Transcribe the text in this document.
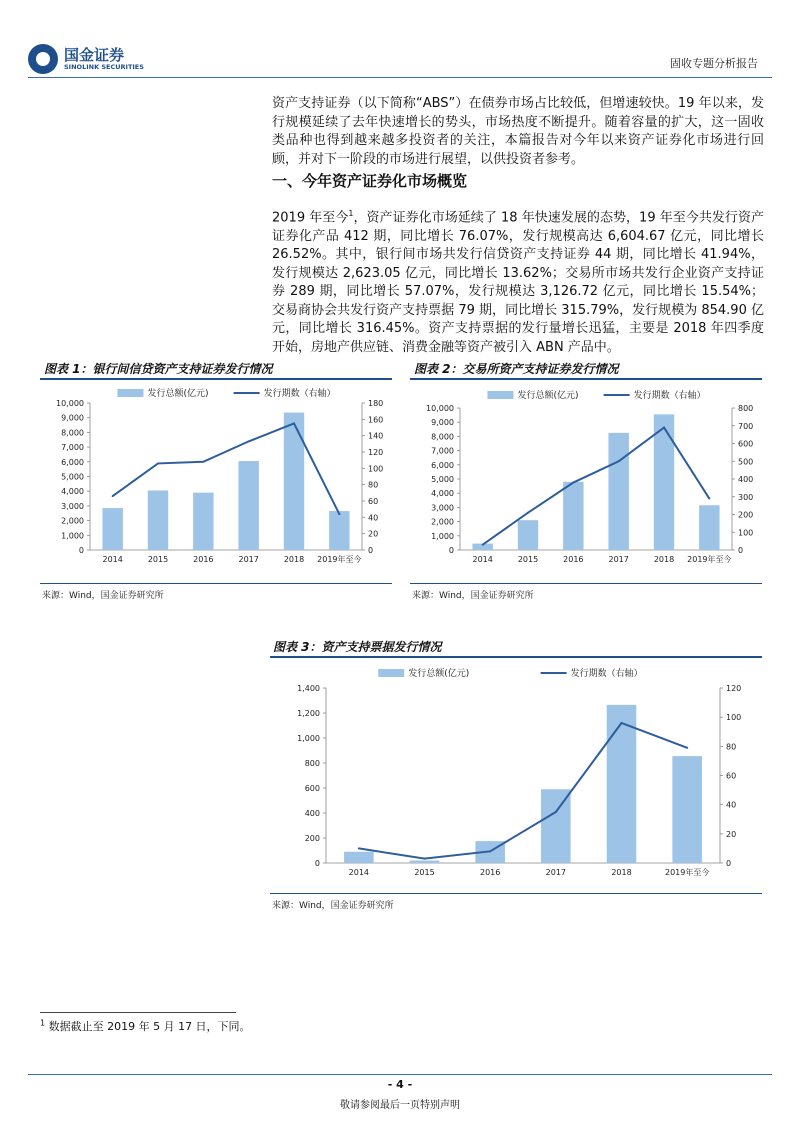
国金证券
SINOLINK SECURITIES	固收专题分析报告
资产支持证券（以下简称“ABS”）在债券市场占比较低，但增速较快。19 年以来，发行规模延续了去年快速增长的势头，市场热度不断提升。随着容量的扩大，这一固收类品种也得到越来越多投资者的关注，本篇报告对今年以来资产证券化市场进行回顾，并对下一阶段的市场进行展望，以供投资者参考。
一、今年资产证券化市场概览
2019 年至今$^1$，资产证券化市场延续了 18 年快速发展的态势，19 年至今共发行资产证券化产品 412 期，同比增长 76.07%，发行规模高达 6,604.67 亿元，同比增长 26.52%。其中，银行间市场共发行信贷资产支持证券 44 期，同比增长 41.94%，发行规模达 2,623.05 亿元，同比增长 13.62%；交易所市场共发行企业资产支持证券 289 期，同比增长 57.07%，发行规模达 3,126.72 亿元，同比增长 15.54%；交易商协会共发行资产支持票据 79 期，同比增长 315.79%，发行规模为 854.90 亿元，同比增长 316.45%。资产支持票据的发行量增长迅猛，主要是 2018 年四季度开始，房地产供应链、消费金融等资产被引入 ABN 产品中。
图表 1：银行间信贷资产支持证券发行情况
发行总额(亿元)	发行期数（右轴）
0
1,000
2,000
3,000
4,000
5,000
6,000
7,000
8,000
9,000
10,000
0
20
40
60
80
100
120
140
160
180
2014	2015	2016	2017	2018 2019年至今
来源：Wind，国金证券研究所
图表 2：交易所资产支持证券发行情况
发行总额(亿元)	发行期数（右轴）
0
1,000
2,000
3,000
4,000
5,000
6,000
7,000
8,000
9,000
10,000
0
100
200
300
400
500
600
700
800
2014	2015	2016	2017	2018 2019年至今
来源：Wind，国金证券研究所
图表 3：资产支持票据发行情况
发行总额(亿元)	发行期数（右轴）
0
200
400
600
800
1,000
1,200
1,400
0
20
40
60
80
100
120
2014	2015	2016	2017	2018	2019年至今
来源：Wind，国金证券研究所
$^1$ 数据截止至 2019 年 5 月 17 日，下同。
- 4 -
敬请参阅最后一页特别声明
